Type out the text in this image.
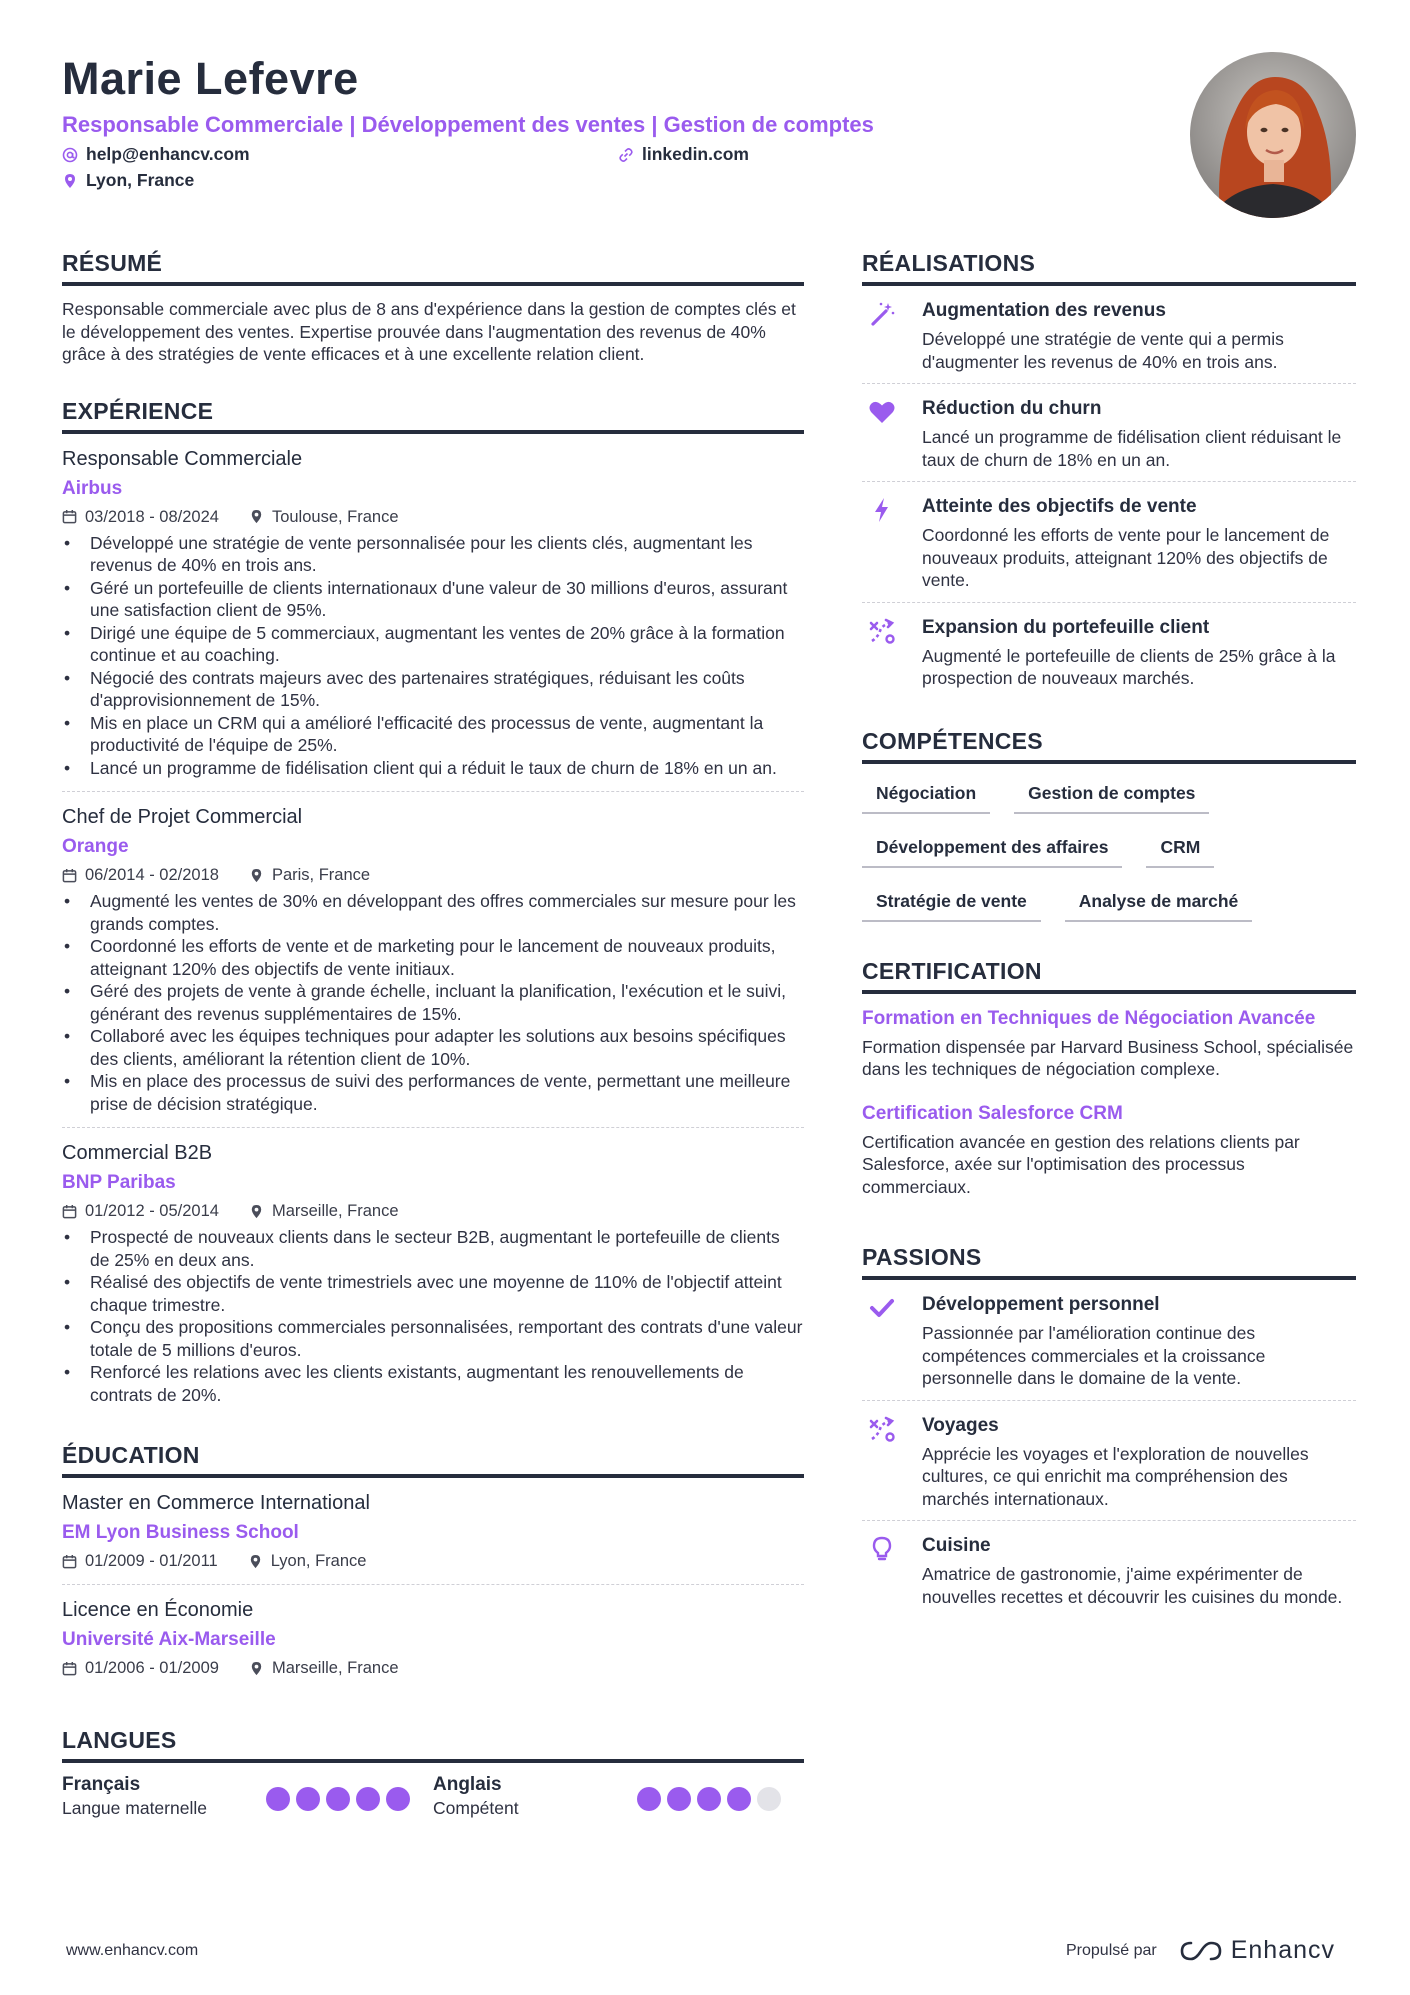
Marie Lefevre
Responsable Commerciale | Développement des ventes | Gestion de comptes
help@enhancv.com	linkedin.com
Lyon, France
RÉSUMÉ
Responsable commerciale avec plus de 8 ans d'expérience dans la gestion de comptes clés et le développement des ventes. Expertise prouvée dans l'augmentation des revenus de 40% grâce à des stratégies de vente efficaces et à une excellente relation client.
EXPÉRIENCE
Responsable Commerciale
Airbus
03/2018 - 08/2024	Toulouse, France
• Développé une stratégie de vente personnalisée pour les clients clés, augmentant les revenus de 40% en trois ans.
• Géré un portefeuille de clients internationaux d'une valeur de 30 millions d'euros, assurant une satisfaction client de 95%.
• Dirigé une équipe de 5 commerciaux, augmentant les ventes de 20% grâce à la formation continue et au coaching.
• Négocié des contrats majeurs avec des partenaires stratégiques, réduisant les coûts d'approvisionnement de 15%.
• Mis en place un CRM qui a amélioré l'efficacité des processus de vente, augmentant la productivité de l'équipe de 25%.
• Lancé un programme de fidélisation client qui a réduit le taux de churn de 18% en un an.
Chef de Projet Commercial
Orange
06/2014 - 02/2018	Paris, France
• Augmenté les ventes de 30% en développant des offres commerciales sur mesure pour les grands comptes.
• Coordonné les efforts de vente et de marketing pour le lancement de nouveaux produits, atteignant 120% des objectifs de vente initiaux.
• Géré des projets de vente à grande échelle, incluant la planification, l'exécution et le suivi, générant des revenus supplémentaires de 15%.
• Collaboré avec les équipes techniques pour adapter les solutions aux besoins spécifiques des clients, améliorant la rétention client de 10%.
• Mis en place des processus de suivi des performances de vente, permettant une meilleure prise de décision stratégique.
Commercial B2B
BNP Paribas
01/2012 - 05/2014	Marseille, France
• Prospecté de nouveaux clients dans le secteur B2B, augmentant le portefeuille de clients de 25% en deux ans.
• Réalisé des objectifs de vente trimestriels avec une moyenne de 110% de l'objectif atteint chaque trimestre.
• Conçu des propositions commerciales personnalisées, remportant des contrats d'une valeur totale de 5 millions d'euros.
• Renforcé les relations avec les clients existants, augmentant les renouvellements de contrats de 20%.
ÉDUCATION
Master en Commerce International
EM Lyon Business School
01/2009 - 01/2011	Lyon, France
Licence en Économie
Université Aix-Marseille
01/2006 - 01/2009	Marseille, France
LANGUES
Français
Langue maternelle
Anglais
Compétent
RÉALISATIONS
Augmentation des revenus
Développé une stratégie de vente qui a permis d'augmenter les revenus de 40% en trois ans.
Réduction du churn
Lancé un programme de fidélisation client réduisant le taux de churn de 18% en un an.
Atteinte des objectifs de vente
Coordonné les efforts de vente pour le lancement de nouveaux produits, atteignant 120% des objectifs de vente.
Expansion du portefeuille client
Augmenté le portefeuille de clients de 25% grâce à la prospection de nouveaux marchés.
COMPÉTENCES
Négociation	Gestion de comptes
Développement des affaires	CRM
Stratégie de vente	Analyse de marché
CERTIFICATION
Formation en Techniques de Négociation Avancée
Formation dispensée par Harvard Business School, spécialisée dans les techniques de négociation complexe.
Certification Salesforce CRM
Certification avancée en gestion des relations clients par Salesforce, axée sur l'optimisation des processus commerciaux.
PASSIONS
Développement personnel
Passionnée par l'amélioration continue des compétences commerciales et la croissance personnelle dans le domaine de la vente.
Voyages
Apprécie les voyages et l'exploration de nouvelles cultures, ce qui enrichit ma compréhension des marchés internationaux.
Cuisine
Amatrice de gastronomie, j'aime expérimenter de nouvelles recettes et découvrir les cuisines du monde.
www.enhancv.com	Propulsé par	Enhancv
